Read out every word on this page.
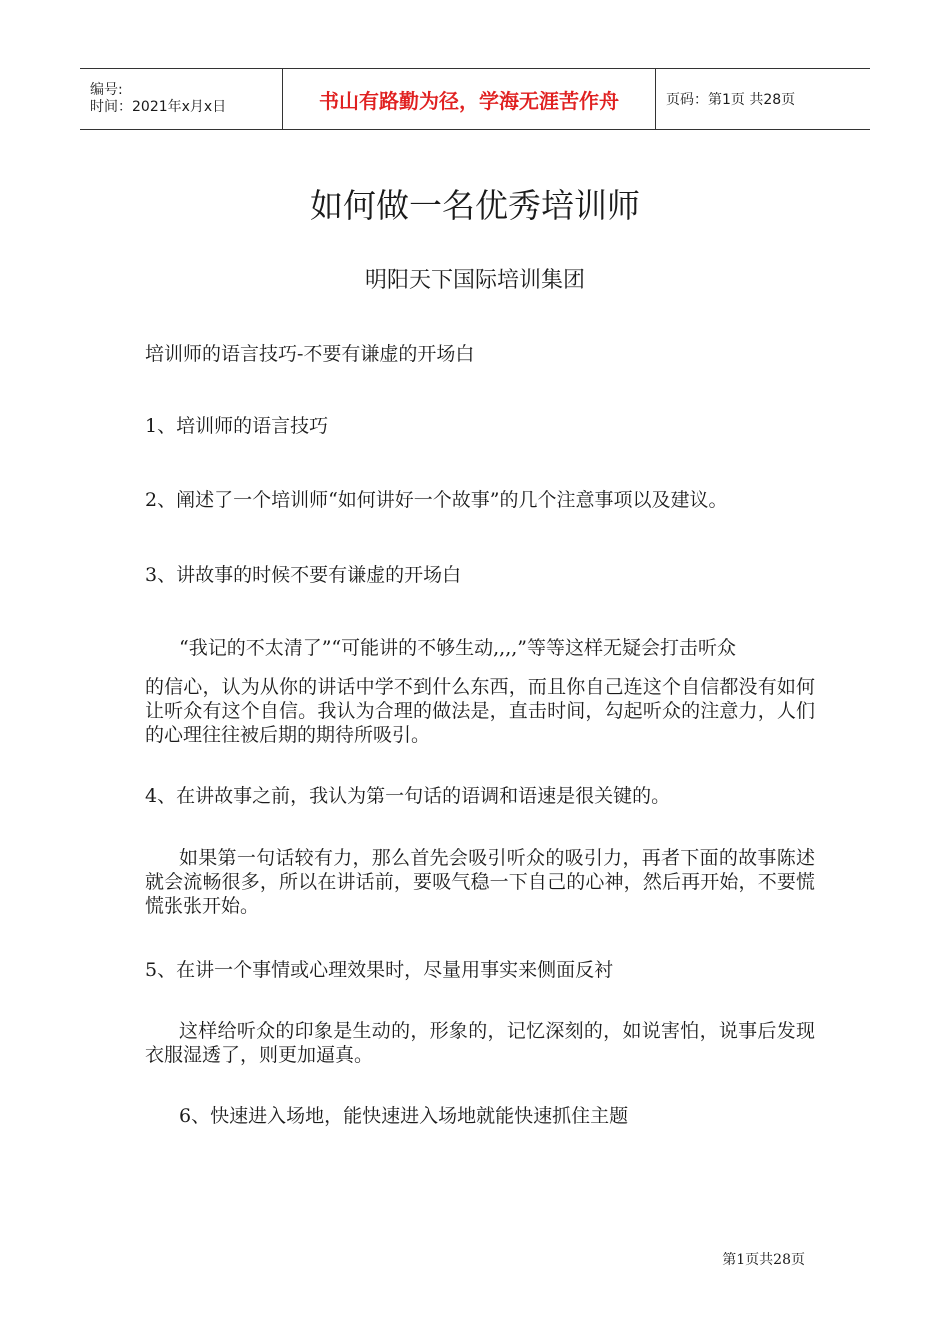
编号:
时间：2021年x月x日	书山有路勤为径，学海无涯苦作舟	页码：第1页 共28页
如何做一名优秀培训师
明阳天下国际培训集团
培训师的语言技巧-不要有谦虚的开场白
1、培训师的语言技巧
2、阐述了一个培训师“如何讲好一个故事”的几个注意事项以及建议。
3、讲故事的时候不要有谦虚的开场白
“我记的不太清了”“可能讲的不够生动,,,,”等等这样无疑会打击听众
的信心，认为从你的讲话中学不到什么东西，而且你自己连这个自信都没有如何让听众有这个自信。我认为合理的做法是，直击时间，勾起听众的注意力，人们的心理往往被后期的期待所吸引。
4、在讲故事之前，我认为第一句话的语调和语速是很关键的。
如果第一句话较有力，那么首先会吸引听众的吸引力，再者下面的故事陈述就会流畅很多，所以在讲话前，要吸气稳一下自己的心神，然后再开始，不要慌慌张张开始。
5、在讲一个事情或心理效果时，尽量用事实来侧面反衬
这样给听众的印象是生动的，形象的，记忆深刻的，如说害怕，说事后发现衣服湿透了，则更加逼真。
6、快速进入场地，能快速进入场地就能快速抓住主题
第1页共28页
